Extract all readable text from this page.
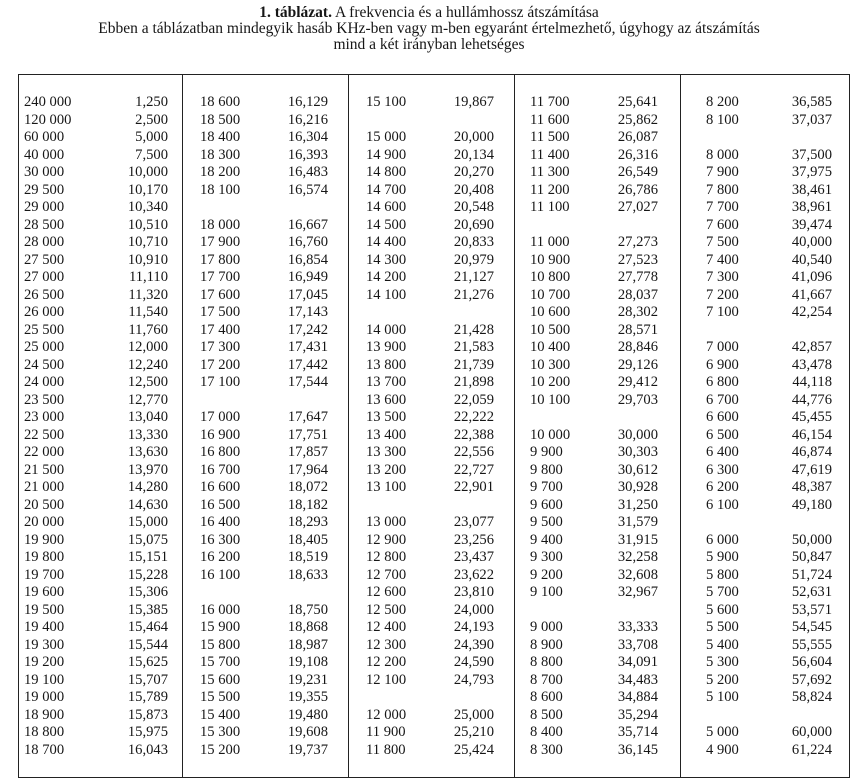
1. táblázat. A frekvencia és a hullámhossz átszámítása
Ebben a táblázatban mindegyik hasáb KHz-ben vagy m-ben egyaránt értelmezhető, úgyhogy az átszámítás
mind a két irányban lehetséges
240 000	1,250
120 000	2,500
60 000	5,000
40 000	7,500
30 000	10,000
29 500	10,170
29 000	10,340
28 500	10,510
28 000	10,710
27 500	10,910
27 000	11,110
26 500	11,320
26 000	11,540
25 500	11,760
25 000	12,000
24 500	12,240
24 000	12,500
23 500	12,770
23 000	13,040
22 500	13,330
22 000	13,630
21 500	13,970
21 000	14,280
20 500	14,630
20 000	15,000
19 900	15,075
19 800	15,151
19 700	15,228
19 600	15,306
19 500	15,385
19 400	15,464
19 300	15,544
19 200	15,625
19 100	15,707
19 000	15,789
18 900	15,873
18 800	15,975
18 700	16,043
18 600	16,129
18 500	16,216
18 400	16,304
18 300	16,393
18 200	16,483
18 100	16,574
18 000	16,667
17 900	16,760
17 800	16,854
17 700	16,949
17 600	17,045
17 500	17,143
17 400	17,242
17 300	17,431
17 200	17,442
17 100	17,544
17 000	17,647
16 900	17,751
16 800	17,857
16 700	17,964
16 600	18,072
16 500	18,182
16 400	18,293
16 300	18,405
16 200	18,519
16 100	18,633
16 000	18,750
15 900	18,868
15 800	18,987
15 700	19,108
15 600	19,231
15 500	19,355
15 400	19,480
15 300	19,608
15 200	19,737
15 100	19,867
15 000	20,000
14 900	20,134
14 800	20,270
14 700	20,408
14 600	20,548
14 500	20,690
14 400	20,833
14 300	20,979
14 200	21,127
14 100	21,276
14 000	21,428
13 900	21,583
13 800	21,739
13 700	21,898
13 600	22,059
13 500	22,222
13 400	22,388
13 300	22,556
13 200	22,727
13 100	22,901
13 000	23,077
12 900	23,256
12 800	23,437
12 700	23,622
12 600	23,810
12 500	24,000
12 400	24,193
12 300	24,390
12 200	24,590
12 100	24,793
12 000	25,000
11 900	25,210
11 800	25,424
11 700	25,641
11 600	25,862
11 500	26,087
11 400	26,316
11 300	26,549
11 200	26,786
11 100	27,027
11 000	27,273
10 900	27,523
10 800	27,778
10 700	28,037
10 600	28,302
10 500	28,571
10 400	28,846
10 300	29,126
10 200	29,412
10 100	29,703
10 000	30,000
9 900	30,303
9 800	30,612
9 700	30,928
9 600	31,250
9 500	31,579
9 400	31,915
9 300	32,258
9 200	32,608
9 100	32,967
9 000	33,333
8 900	33,708
8 800	34,091
8 700	34,483
8 600	34,884
8 500	35,294
8 400	35,714
8 300	36,145
8 200	36,585
8 100	37,037
8 000	37,500
7 900	37,975
7 800	38,461
7 700	38,961
7 600	39,474
7 500	40,000
7 400	40,540
7 300	41,096
7 200	41,667
7 100	42,254
7 000	42,857
6 900	43,478
6 800	44,118
6 700	44,776
6 600	45,455
6 500	46,154
6 400	46,874
6 300	47,619
6 200	48,387
6 100	49,180
6 000	50,000
5 900	50,847
5 800	51,724
5 700	52,631
5 600	53,571
5 500	54,545
5 400	55,555
5 300	56,604
5 200	57,692
5 100	58,824
5 000	60,000
4 900	61,224
